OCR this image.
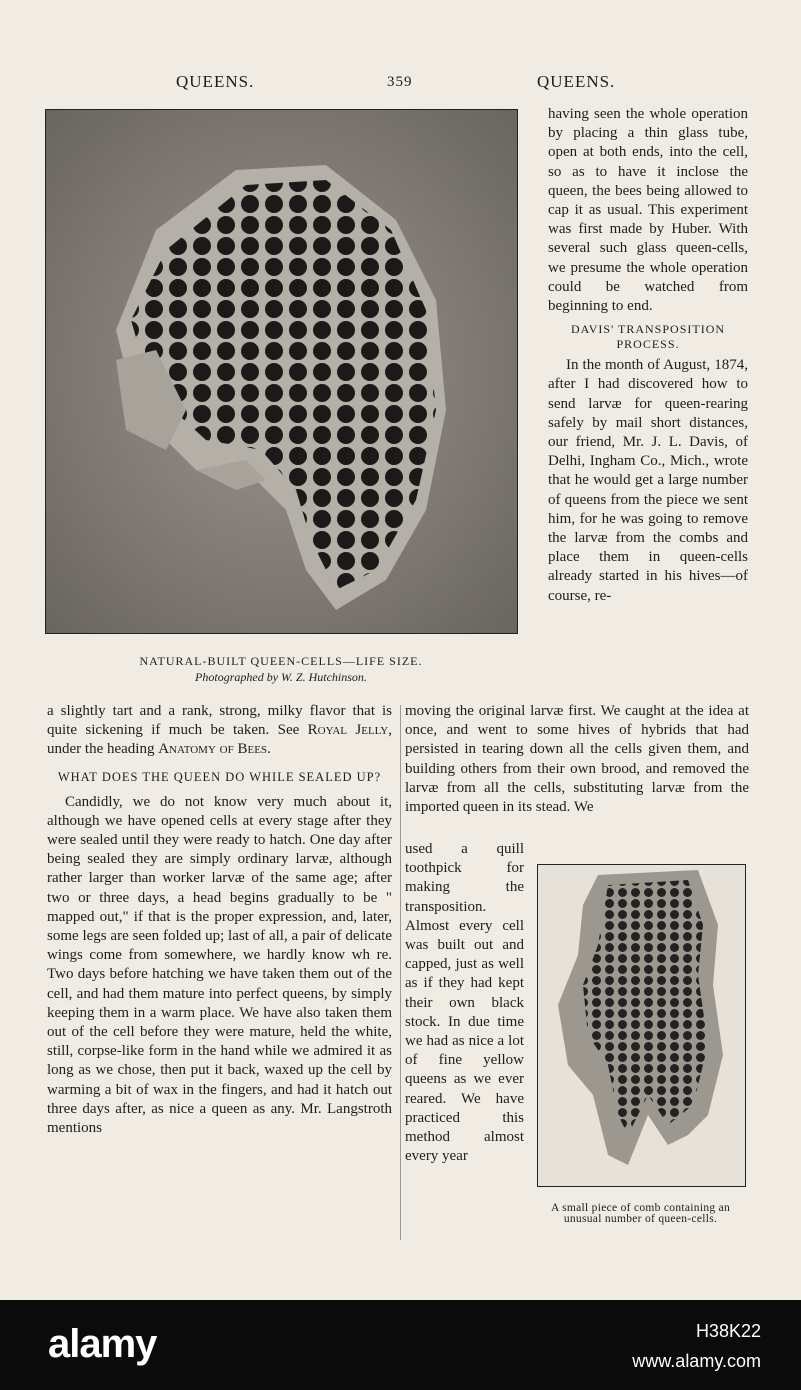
QUEENS.	359	QUEENS.
NATURAL-BUILT QUEEN-CELLS—LIFE SIZE.
Photographed by W. Z. Hutchinson.

having seen the whole operation by placing a thin glass tube, open at both ends, into the cell, so as to have it inclose the queen, the bees being allowed to cap it as usual. This experiment was first made by Huber. With several such glass queen-cells, we presume the whole operation could be watched from beginning to end.

DAVIS' TRANSPOSITION PROCESS.

In the month of August, 1874, after I had discovered how to send larvæ for queen-rearing safely by mail short distances, our friend, Mr. J. L. Davis, of Delhi, Ingham Co., Mich., wrote that he would get a large number of queens from the piece we sent him, for he was going to remove the larvæ from the combs and place them in queen-cells already started in his hives—of course, re-

a slightly tart and a rank, strong, milky flavor that is quite sickening if much be taken. See Royal Jelly, under the heading Anatomy of Bees.

WHAT DOES THE QUEEN DO WHILE SEALED UP?

Candidly, we do not know very much about it, although we have opened cells at every stage after they were sealed until they were ready to hatch. One day after being sealed they are simply ordinary larvæ, although rather larger than worker larvæ of the same age; after two or three days, a head begins gradually to be " mapped out," if that is the proper expression, and, later, some legs are seen folded up; last of all, a pair of delicate wings come from somewhere, we hardly know wh re. Two days before hatching we have taken them out of the cell, and had them mature into perfect queens, by simply keeping them in a warm place. We have also taken them out of the cell before they were mature, held the white, still, corpse-like form in the hand while we admired it as long as we chose, then put it back, waxed up the cell by warming a bit of wax in the fingers, and had it hatch out three days after, as nice a queen as any. Mr. Langstroth mentions

moving the original larvæ first. We caught at the idea at once, and went to some hives of hybrids that had persisted in tearing down all the cells given them, and building others from their own brood, and removed the larvæ from all the cells, substituting larvæ from the imported queen in its stead. We

used a quill toothpick for making the transposition. Almost every cell was built out and capped, just as well as if they had kept their own black stock. In due time we had as nice a lot of fine yellow queens as we ever reared. We have practiced this method almost every year

A small piece of comb containing an unusual number of queen-cells.
alamy	H38K22
www.alamy.com
